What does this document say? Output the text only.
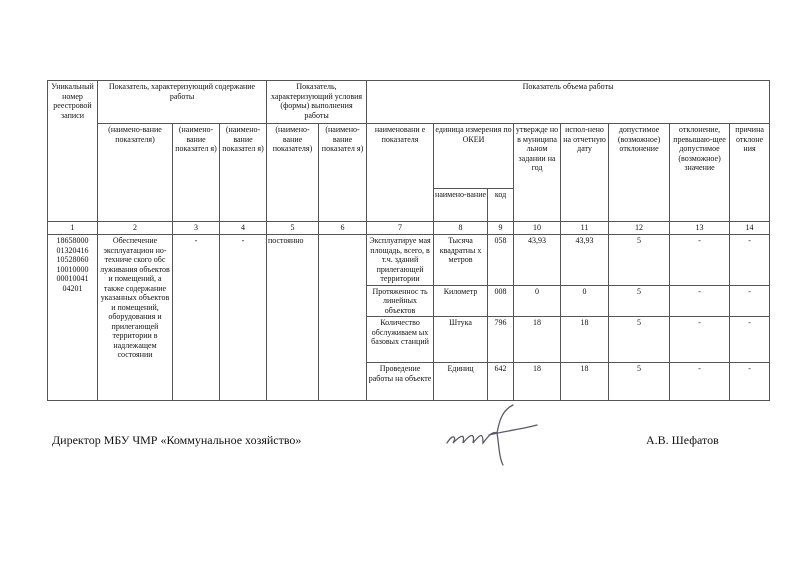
Уникальный номер реестровой записи	Показатель, характеризующий содержание работы			Показатель, характеризующий условия (формы) выполнения работы		Показатель объема работы							
	(наимено-вание показателя)	(наимено-вание показател я)	(наимено-вание показател я)	(наимено-вание показателя)	(наимено-вание показател я)	наименовани е показателя	единица измерения по ОКЕИ		утвержде но в муниципа льном задании на год	испол-нено на отчетную дату	допустимое (возможное) отклонение	отклонение, превышаю-щее допустимое (возможное) значение	причина отклоне ния
							наимено-вание	код					
1	2	3	4	5	6	7	8	9	10	11	12	13	14
18658000 01320416 10528060 10010000 00010041 04201	Обеспечение эксплуатацион но-техниче ского обс луживания объектов и помещений, а также содержание указанных объектов и помещений, оборудования и прилегающей территории в надлежащем состоянии	-	-	постоянно		Эксплуатируе мая площадь, всего, в т.ч. зданий прилегающей территории	Тысяча квадратны х метров	058	43,93	43,93	5	-	-
						Протяженнос ть линейных объектов	Километр	008	0	0	5	-	-
						Количество обслуживаем ых базовых станций	Штука	796	18	18	5	-	-
						Проведение работы на объекте	Единиц	642	18	18	5	-	-
Директор МБУ ЧМР «Коммунальное хозяйство»	А.В. Шефатов
